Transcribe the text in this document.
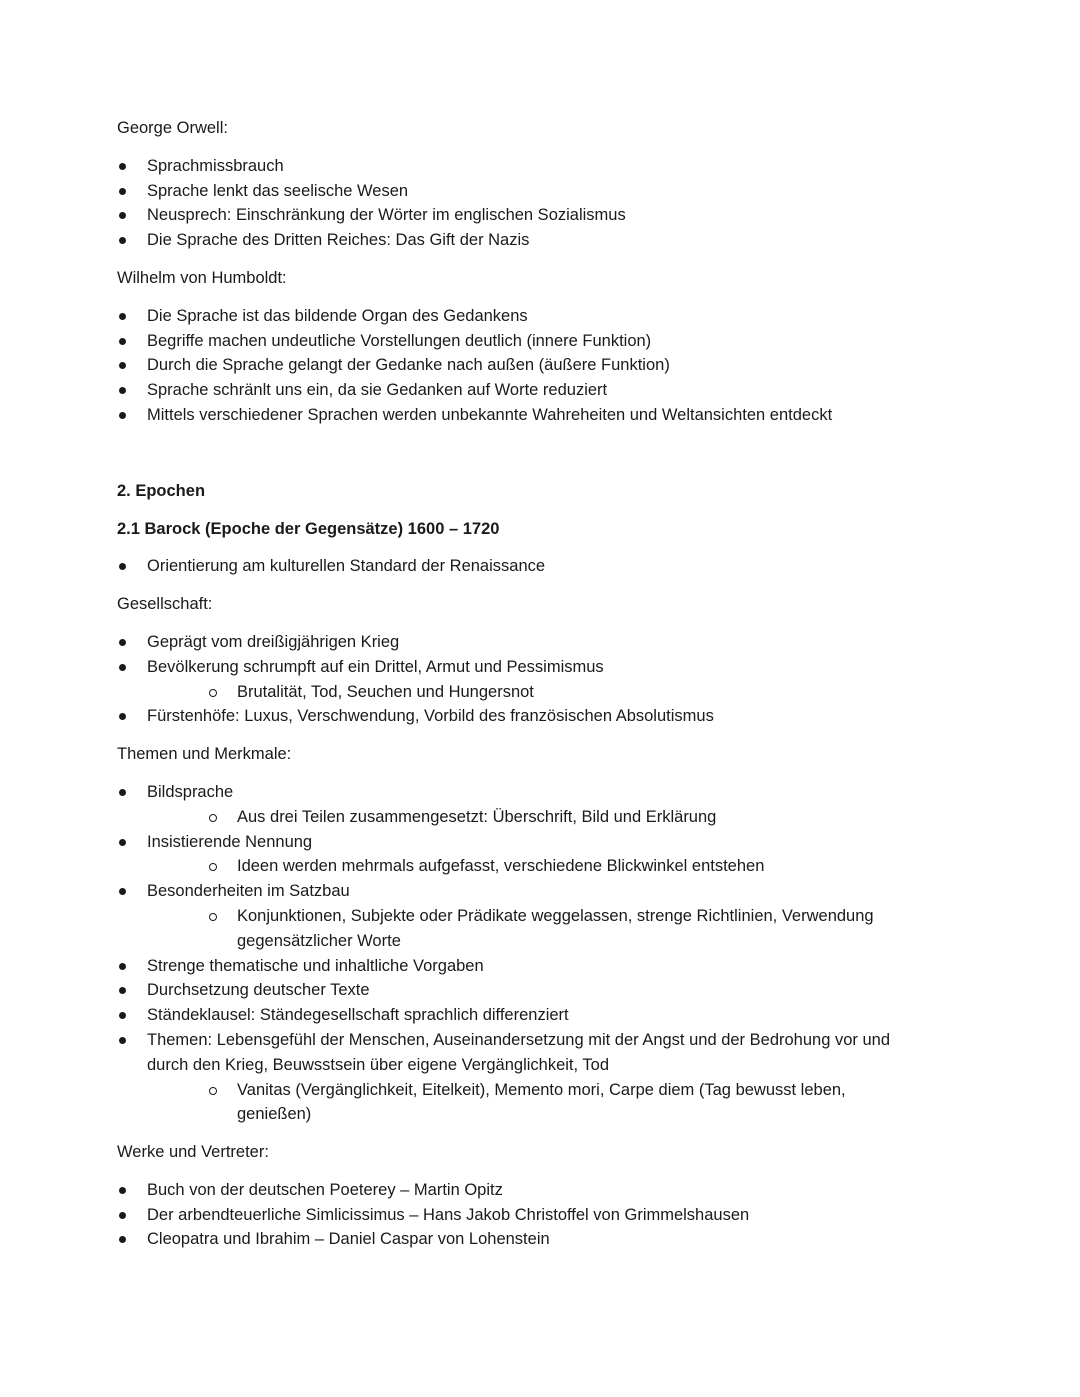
George Orwell:

Sprachmissbrauch
Sprache lenkt das seelische Wesen
Neusprech: Einschränkung der Wörter im englischen Sozialismus
Die Sprache des Dritten Reiches: Das Gift der Nazis

Wilhelm von Humboldt:

Die Sprache ist das bildende Organ des Gedankens
Begriffe machen undeutliche Vorstellungen deutlich (innere Funktion)
Durch die Sprache gelangt der Gedanke nach außen (äußere Funktion)
Sprache schränlt uns ein, da sie Gedanken auf Worte reduziert
Mittels verschiedener Sprachen werden unbekannte Wahreheiten und Weltansichten entdeckt

2. Epochen

2.1 Barock (Epoche der Gegensätze) 1600 – 1720

Orientierung am kulturellen Standard der Renaissance

Gesellschaft:

Geprägt vom dreißigjährigen Krieg
Bevölkerung schrumpft auf ein Drittel, Armut und Pessimismus
Brutalität, Tod, Seuchen und Hungersnot
Fürstenhöfe: Luxus, Verschwendung, Vorbild des französischen Absolutismus

Themen und Merkmale:

Bildsprache
Aus drei Teilen zusammengesetzt: Überschrift, Bild und Erklärung
Insistierende Nennung
Ideen werden mehrmals aufgefasst, verschiedene Blickwinkel entstehen
Besonderheiten im Satzbau
Konjunktionen, Subjekte oder Prädikate weggelassen, strenge Richtlinien, Verwendung gegensätzlicher Worte
Strenge thematische und inhaltliche Vorgaben
Durchsetzung deutscher Texte
Ständeklausel: Ständegesellschaft sprachlich differenziert
Themen: Lebensgefühl der Menschen, Auseinandersetzung mit der Angst und der Bedrohung vor und durch den Krieg, Beuwsstsein über eigene Vergänglichkeit, Tod
Vanitas (Vergänglichkeit, Eitelkeit), Memento mori, Carpe diem (Tag bewusst leben, genießen)

Werke und Vertreter:

Buch von der deutschen Poeterey – Martin Opitz
Der arbendteuerliche Simlicissimus – Hans Jakob Christoffel von Grimmelshausen
Cleopatra und Ibrahim – Daniel Caspar von Lohenstein
